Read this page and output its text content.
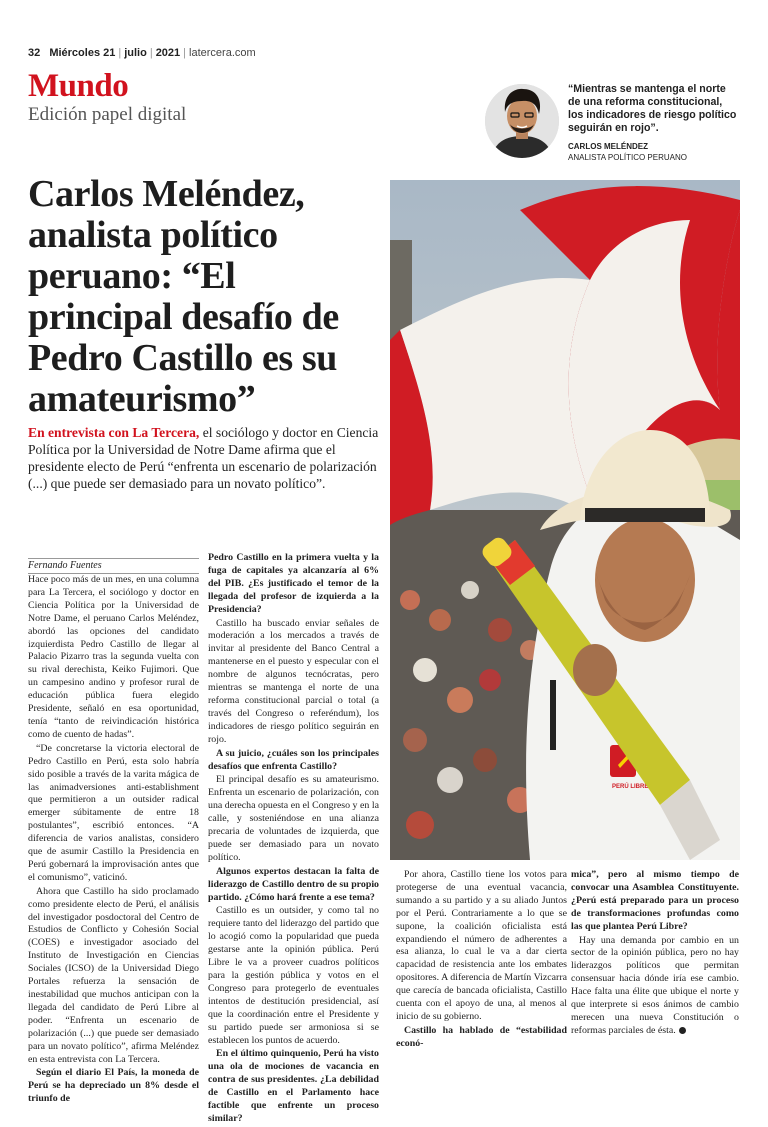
32 Miércoles 21 | julio | 2021 | latercera.com
Mundo
Edición papel digital
“Mientras se mantenga el norte de una reforma constitucional, los indicadores de riesgo político seguirán en rojo”.
CARLOS MELÉNDEZ
ANALISTA POLÍTICO PERUANO
Carlos Meléndez, analista político peruano: “El principal desafío de Pedro Castillo es su amateurismo”
PERÚ LIBRE
En entrevista con La Tercera, el sociólogo y doctor en Ciencia Política por la Universidad de Notre Dame afirma que el presidente electo de Perú “enfrenta un escenario de polarización (...) que puede ser demasiado para un novato político”.
Fernando Fuentes

Hace poco más de un mes, en una columna para La Tercera, el sociólogo y doctor en Ciencia Política por la Universidad de Notre Dame, el peruano Carlos Meléndez, abordó las opciones del candidato izquierdista Pedro Castillo de llegar al Palacio Pizarro tras la segunda vuelta con su rival derechista, Keiko Fujimori. Que un campesino andino y profesor rural de educación pública fuera elegido Presidente, señaló en esa oportunidad, tenía “tanto de reivindicación histórica como de cuento de hadas”.

“De concretarse la victoria electoral de Pedro Castillo en Perú, esta solo habría sido posible a través de la varita mágica de las animadversiones anti-establishment que permitieron a un outsider radical emerger súbitamente de entre 18 postulantes”, escribió entonces. “A diferencia de varios analistas, considero que de asumir Castillo la Presidencia en Perú gobernará la improvisación antes que el comunismo”, vaticinó.

Ahora que Castillo ha sido proclamado como presidente electo de Perú, el análisis del investigador posdoctoral del Centro de Estudios de Conflicto y Cohesión Social (COES) e investigador asociado del Instituto de Investigación en Ciencias Sociales (ICSO) de la Universidad Diego Portales refuerza la sensación de inestabilidad que muchos anticipan con la llegada del candidato de Perú Libre al poder. “Enfrenta un escenario de polarización (...) que puede ser demasiado para un novato político”, afirma Meléndez en esta entrevista con La Tercera.

Según el diario El País, la moneda de Perú se ha depreciado un 8% desde el triunfo de

Pedro Castillo en la primera vuelta y la fuga de capitales ya alcanzaría al 6% del PIB. ¿Es justificado el temor de la llegada del profesor de izquierda a la Presidencia?

Castillo ha buscado enviar señales de moderación a los mercados a través de invitar al presidente del Banco Central a mantenerse en el puesto y especular con el nombre de algunos tecnócratas, pero mientras se mantenga el norte de una reforma constitucional parcial o total (a través del Congreso o referéndum), los indicadores de riesgo político seguirán en rojo.

A su juicio, ¿cuáles son los principales desafíos que enfrenta Castillo?

El principal desafío es su amateurismo. Enfrenta un escenario de polarización, con una derecha opuesta en el Congreso y en la calle, y sosteniéndose en una alianza precaria de voluntades de izquierda, que puede ser demasiado para un novato político.

Algunos expertos destacan la falta de liderazgo de Castillo dentro de su propio partido. ¿Cómo hará frente a ese tema?

Castillo es un outsider, y como tal no requiere tanto del liderazgo del partido que lo acogió como la popularidad que pueda gestarse ante la opinión pública. Perú Libre le va a proveer cuadros políticos para la gestión pública y votos en el Congreso para protegerlo de eventuales intentos de destitución presidencial, así que la coordinación entre el Presidente y su partido puede ser armoniosa si se establecen los puntos de acuerdo.

En el último quinquenio, Perú ha visto una ola de mociones de vacancia en contra de sus presidentes. ¿La debilidad de Castillo en el Parlamento hace factible que enfrente un proceso similar?

Por ahora, Castillo tiene los votos para protegerse de una eventual vacancia, sumando a su partido y a su aliado Juntos por el Perú. Contrariamente a lo que se supone, la coalición oficialista está expandiendo el número de adherentes a esa alianza, lo cual le va a dar cierta capacidad de resistencia ante los embates opositores. A diferencia de Martín Vizcarra que carecía de bancada oficialista, Castillo cuenta con el apoyo de una, al menos al inicio de su gobierno.

Castillo ha hablado de “estabilidad econó-

mica”, pero al mismo tiempo de convocar una Asamblea Constituyente. ¿Perú está preparado para un proceso de transformaciones profundas como las que plantea Perú Libre?

Hay una demanda por cambio en un sector de la opinión pública, pero no hay liderazgos políticos que permitan consensuar hacia dónde iría ese cambio. Hace falta una élite que ubique el norte y que interprete si esos ánimos de cambio merecen una nueva Constitución o reformas parciales de ésta.
